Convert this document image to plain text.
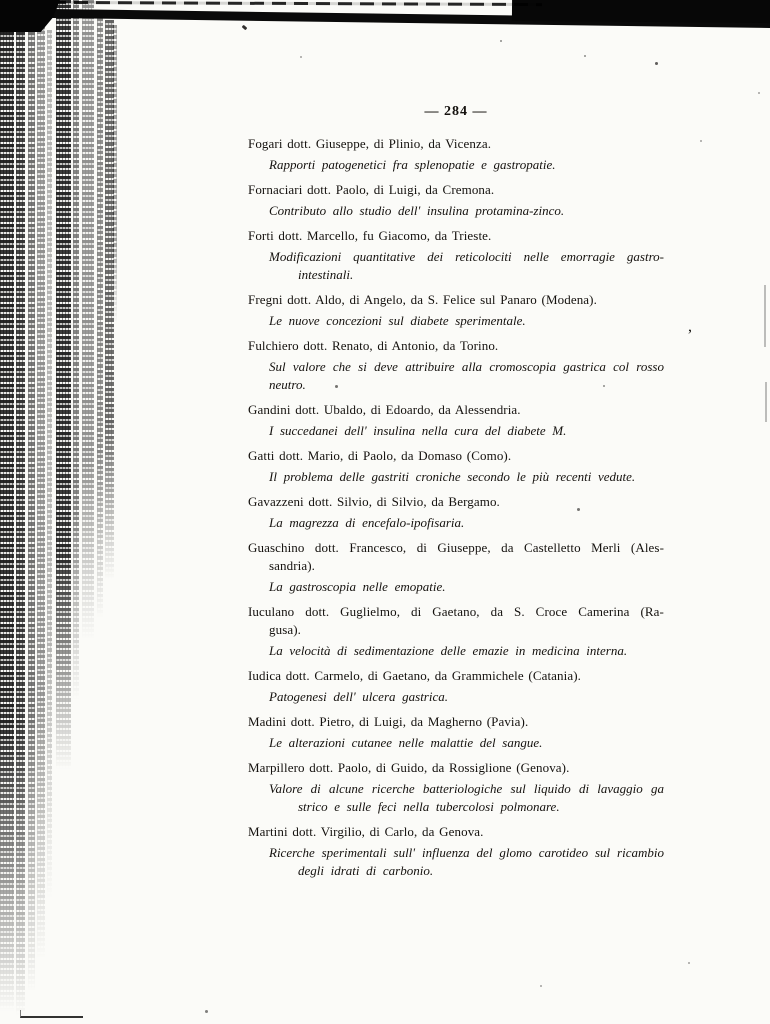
,
— 284 —
Fogari dott. Giuseppe, di Plinio, da Vicenza.
Rapporti patogenetici fra splenopatie e gastropatie.
Fornaciari dott. Paolo, di Luigi, da Cremona.
Contributo allo studio dell' insulina protamina-zinco.
Forti dott. Marcello, fu Giacomo, da Trieste.
Modificazioni quantitative dei reticolociti nelle emorragie gastro-
intestinali.
Fregni dott. Aldo, di Angelo, da S. Felice sul Panaro (Modena).
Le nuove concezioni sul diabete sperimentale.
Fulchiero dott. Renato, di Antonio, da Torino.
Sul valore che si deve attribuire alla cromoscopia gastrica col rosso
neutro.
Gandini dott. Ubaldo, di Edoardo, da Alessendria.
I succedanei dell' insulina nella cura del diabete M.
Gatti dott. Mario, di Paolo, da Domaso (Como).
Il problema delle gastriti croniche secondo le più recenti vedute.
Gavazzeni dott. Silvio, di Silvio, da Bergamo.
La magrezza di encefalo-ipofisaria.
Guaschino dott. Francesco, di Giuseppe, da Castelletto Merli (Ales-
sandria).
La gastroscopia nelle emopatie.
Iuculano dott. Guglielmo, di Gaetano, da S. Croce Camerina (Ra-
gusa).
La velocità di sedimentazione delle emazie in medicina interna.
Iudica dott. Carmelo, di Gaetano, da Grammichele (Catania).
Patogenesi dell' ulcera gastrica.
Madini dott. Pietro, di Luigi, da Magherno (Pavia).
Le alterazioni cutanee nelle malattie del sangue.
Marpillero dott. Paolo, di Guido, da Rossiglione (Genova).
Valore di alcune ricerche batteriologiche sul liquido di lavaggio ga
strico e sulle feci nella tubercolosi polmonare.
Martini dott. Virgilio, di Carlo, da Genova.
Ricerche sperimentali sull' influenza del glomo carotideo sul ricambio
degli idrati di carbonio.
